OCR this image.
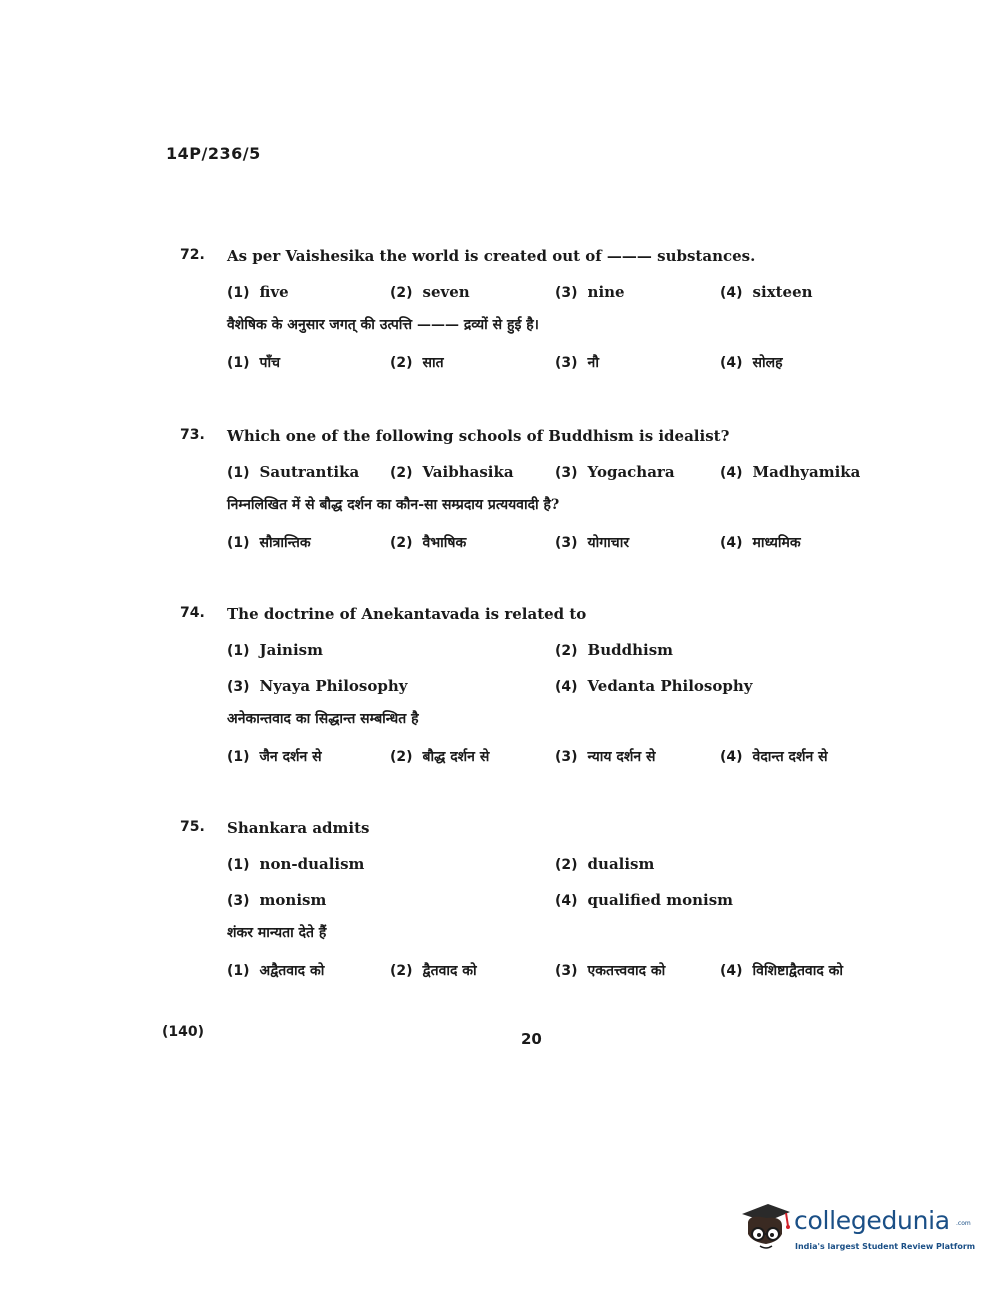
14P/236/5
72. As per Vaishesika the world is created out of ——— substances.
(1) five	(2) seven	(3) nine	(4) sixteen
वैशेषिक के अनुसार जगत् की उत्पत्ति ——— द्रव्यों से हुई है।
(1) पाँच	(2) सात	(3) नौ	(4) सोलह
73. Which one of the following schools of Buddhism is idealist?
(1) Sautrantika (2) Vaibhasika	(3) Yogachara	(4) Madhyamika
निम्नलिखित में से बौद्ध दर्शन का कौन-सा सम्प्रदाय प्रत्ययवादी है?
(1) सौत्रान्तिक	(2) वैभाषिक	(3) योगाचार	(4) माध्यमिक
74. The doctrine of Anekantavada is related to
(1) Jainism	(2) Buddhism
(3) Nyaya Philosophy	(4) Vedanta Philosophy
अनेकान्तवाद का सिद्धान्त सम्बन्धित है
(1) जैन दर्शन से	(2) बौद्ध दर्शन से	(3) न्याय दर्शन से	(4) वेदान्त दर्शन से
75. Shankara admits
(1) non-dualism	(2) dualism
(3) monism	(4) qualified monism
शंकर मान्यता देते हैं
(1) अद्वैतवाद को	(2) द्वैतवाद को	(3) एकतत्त्ववाद को	(4) विशिष्टाद्वैतवाद को
(140)	20
collegedunia .com
India's largest Student Review Platform
